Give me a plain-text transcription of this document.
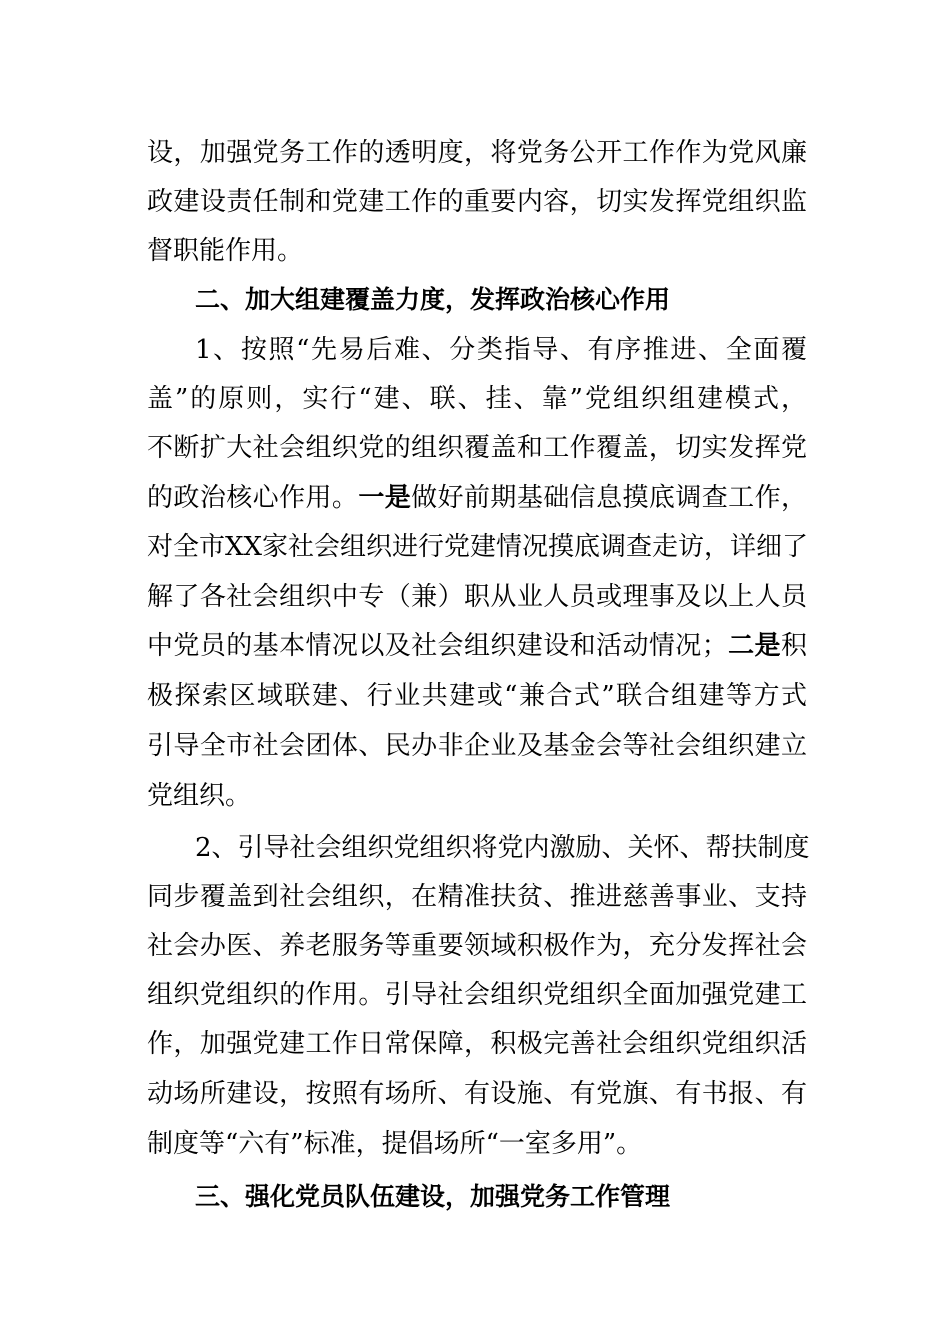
设，加强党务工作的透明度，将党务公开工作作为党风廉

政建设责任制和党建工作的重要内容，切实发挥党组织监

督职能作用。

二、加大组建覆盖力度，发挥政治核心作用

1、按照“先易后难、分类指导、有序推进、全面覆

盖”的原则，实行“建、联、挂、靠”党组织组建模式，

不断扩大社会组织党的组织覆盖和工作覆盖，切实发挥党

的政治核心作用。一是做好前期基础信息摸底调查工作，

对全市XX家社会组织进行党建情况摸底调查走访，详细了

解了各社会组织中专（兼）职从业人员或理事及以上人员

中党员的基本情况以及社会组织建设和活动情况；二是积

极探索区域联建、行业共建或“兼合式”联合组建等方式

引导全市社会团体、民办非企业及基金会等社会组织建立

党组织。

2、引导社会组织党组织将党内激励、关怀、帮扶制度

同步覆盖到社会组织，在精准扶贫、推进慈善事业、支持

社会办医、养老服务等重要领域积极作为，充分发挥社会

组织党组织的作用。引导社会组织党组织全面加强党建工

作，加强党建工作日常保障，积极完善社会组织党组织活

动场所建设，按照有场所、有设施、有党旗、有书报、有

制度等“六有”标准，提倡场所“一室多用”。

三、强化党员队伍建设，加强党务工作管理
